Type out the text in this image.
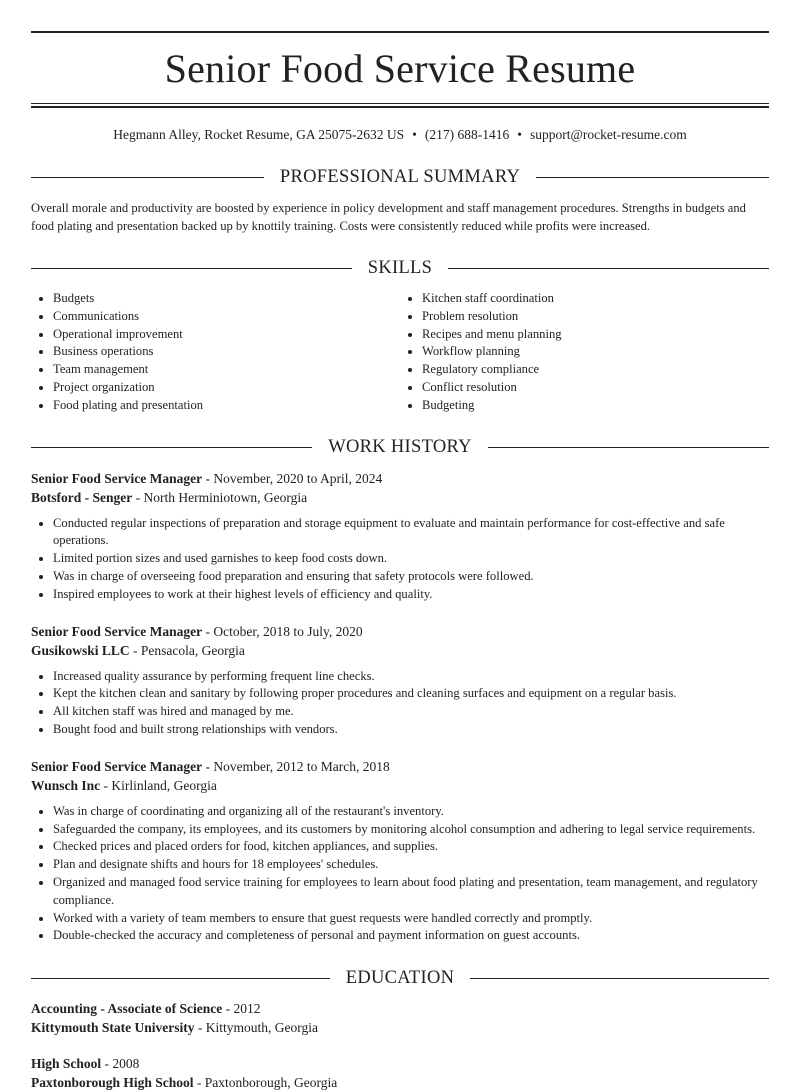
Senior Food Service Resume
Hegmann Alley, Rocket Resume, GA 25075-2632 US • (217) 688-1416 • support@rocket-resume.com
PROFESSIONAL SUMMARY

Overall morale and productivity are boosted by experience in policy development and staff management procedures. Strengths in budgets and food plating and presentation backed up by knottily training. Costs were consistently reduced while profits were increased.

SKILLS
• Budgets
• Communications
• Operational improvement
• Business operations
• Team management
• Project organization
• Food plating and presentation
• Kitchen staff coordination
• Problem resolution
• Recipes and menu planning
• Workflow planning
• Regulatory compliance
• Conflict resolution
• Budgeting
WORK HISTORY
Senior Food Service Manager - November, 2020 to April, 2024
Botsford - Senger - North Herminiotown, Georgia
• Conducted regular inspections of preparation and storage equipment to evaluate and maintain performance for cost-effective and safe operations.
• Limited portion sizes and used garnishes to keep food costs down.
• Was in charge of overseeing food preparation and ensuring that safety protocols were followed.
• Inspired employees to work at their highest levels of efficiency and quality.
Senior Food Service Manager - October, 2018 to July, 2020
Gusikowski LLC - Pensacola, Georgia
• Increased quality assurance by performing frequent line checks.
• Kept the kitchen clean and sanitary by following proper procedures and cleaning surfaces and equipment on a regular basis.
• All kitchen staff was hired and managed by me.
• Bought food and built strong relationships with vendors.
Senior Food Service Manager - November, 2012 to March, 2018
Wunsch Inc - Kirlinland, Georgia
• Was in charge of coordinating and organizing all of the restaurant's inventory.
• Safeguarded the company, its employees, and its customers by monitoring alcohol consumption and adhering to legal service requirements.
• Checked prices and placed orders for food, kitchen appliances, and supplies.
• Plan and designate shifts and hours for 18 employees' schedules.
• Organized and managed food service training for employees to learn about food plating and presentation, team management, and regulatory compliance.
• Worked with a variety of team members to ensure that guest requests were handled correctly and promptly.
• Double-checked the accuracy and completeness of personal and payment information on guest accounts.
EDUCATION
Accounting - Associate of Science - 2012
Kittymouth State University - Kittymouth, Georgia
High School - 2008
Paxtonborough High School - Paxtonborough, Georgia
